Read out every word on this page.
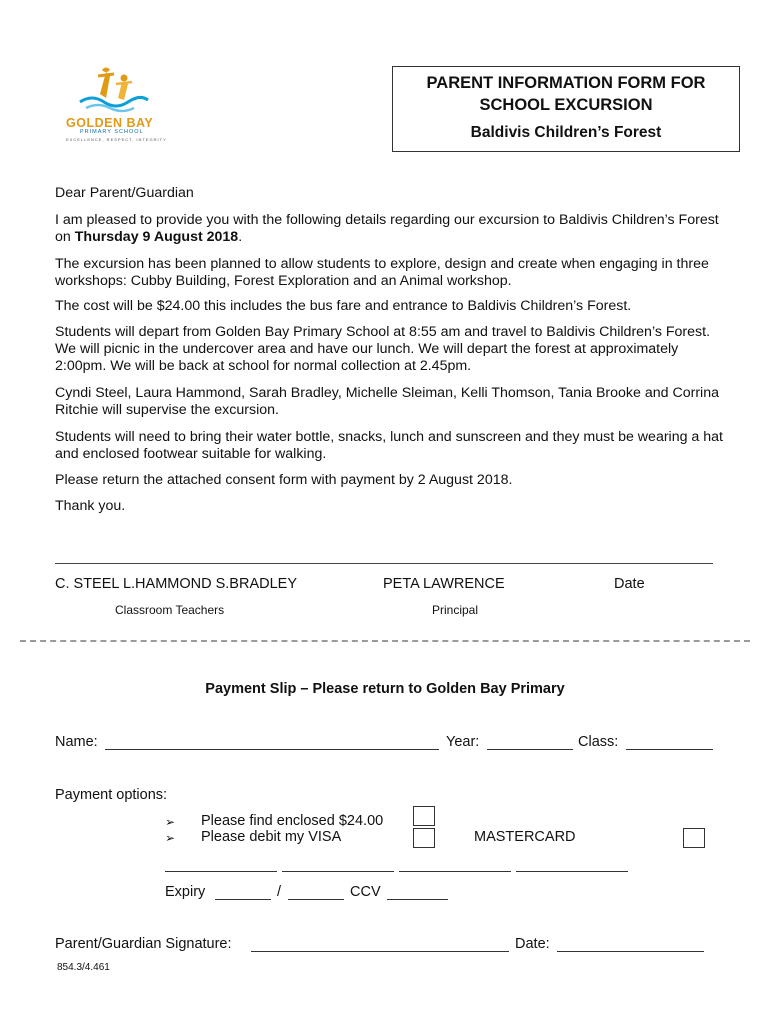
GOLDEN BAY
PRIMARY SCHOOL
EXCELLENCE, RESPECT, INTEGRITY
PARENT INFORMATION FORM FOR
SCHOOL EXCURSION
Baldivis Children’s Forest
Dear Parent/Guardian
I am pleased to provide you with the following details regarding our excursion to Baldivis Children’s Forest on Thursday 9 August 2018.
The excursion has been planned to allow students to explore, design and create when engaging in three workshops: Cubby Building, Forest Exploration and an Animal workshop.
The cost will be $24.00 this includes the bus fare and entrance to Baldivis Children’s Forest.
Students will depart from Golden Bay Primary School at 8:55 am and travel to Baldivis Children’s Forest. We will picnic in the undercover area and have our lunch. We will depart the forest at approximately 2:00pm. We will be back at school for normal collection at 2.45pm.
Cyndi Steel, Laura Hammond, Sarah Bradley, Michelle Sleiman, Kelli Thomson, Tania Brooke and Corrina Ritchie will supervise the excursion.
Students will need to bring their water bottle, snacks, lunch and sunscreen and they must be wearing a hat and enclosed footwear suitable for walking.
Please return the attached consent form with payment by 2 August 2018.
Thank you.
C. STEEL L.HAMMOND S.BRADLEY	PETA LAWRENCE	Date
Classroom Teachers	Principal
Payment Slip – Please return to Golden Bay Primary
Name:	Year:	Class:
Payment options:
➢ Please find enclosed $24.00
➢ Please debit my VISA	MASTERCARD
Expiry	/	CCV
Parent/Guardian Signature:	Date:
854.3/4.461
